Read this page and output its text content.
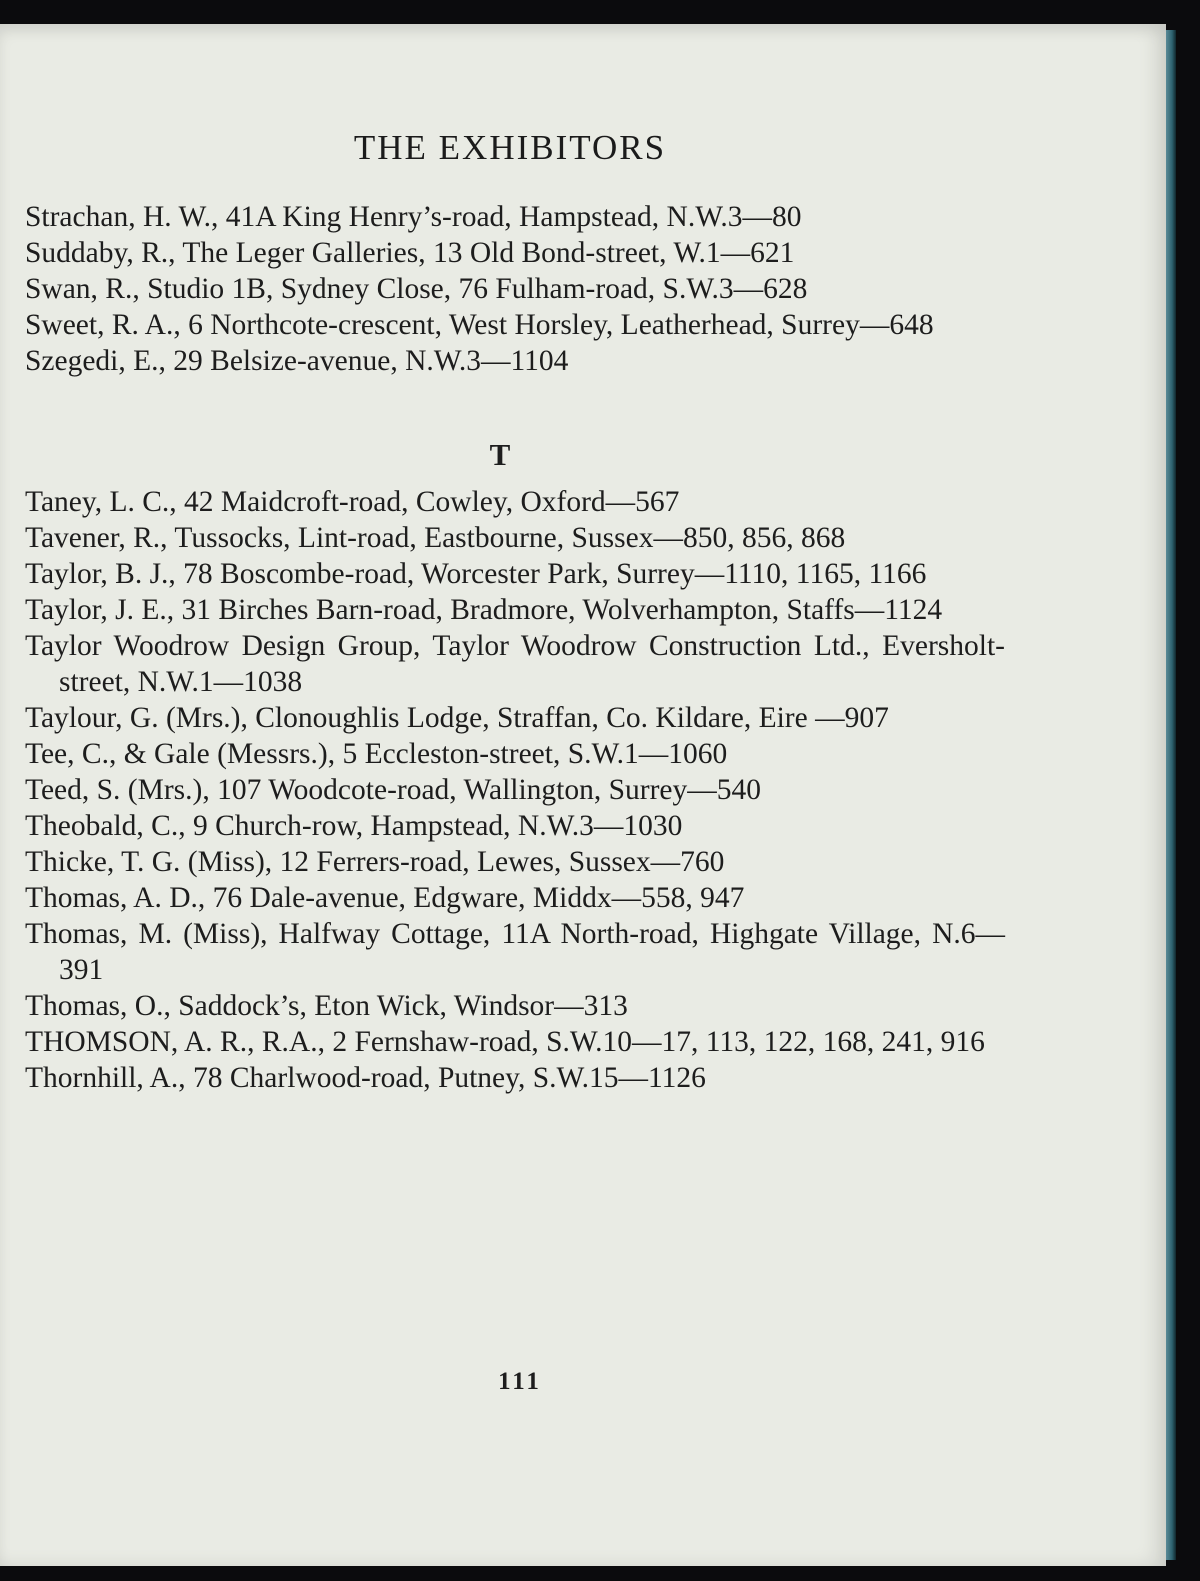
THE EXHIBITORS
Strachan, H. W., 41A King Henry’s-road, Hampstead, N.W.3—80
Suddaby, R., The Leger Galleries, 13 Old Bond-street, W.1—621
Swan, R., Studio 1B, Sydney Close, 76 Fulham-road, S.W.3—628
Sweet, R. A., 6 Northcote-crescent, West Horsley, Leatherhead, Surrey—648
Szegedi, E., 29 Belsize-avenue, N.W.3—1104
T
Taney, L. C., 42 Maidcroft-road, Cowley, Oxford—567
Tavener, R., Tussocks, Lint-road, Eastbourne, Sussex—850, 856, 868
Taylor, B. J., 78 Boscombe-road, Worcester Park, Surrey—1110, 1165, 1166
Taylor, J. E., 31 Birches Barn-road, Bradmore, Wolverhampton, Staffs—1124
Taylor Woodrow Design Group, Taylor Woodrow Construction Ltd., Eversholt-street, N.W.1—1038
Taylour, G. (Mrs.), Clonoughlis Lodge, Straffan, Co. Kildare, Eire —907
Tee, C., & Gale (Messrs.), 5 Eccleston-street, S.W.1—1060
Teed, S. (Mrs.), 107 Woodcote-road, Wallington, Surrey—540
Theobald, C., 9 Church-row, Hampstead, N.W.3—1030
Thicke, T. G. (Miss), 12 Ferrers-road, Lewes, Sussex—760
Thomas, A. D., 76 Dale-avenue, Edgware, Middx—558, 947
Thomas, M. (Miss), Halfway Cottage, 11A North-road, Highgate Village, N.6—391
Thomas, O., Saddock’s, Eton Wick, Windsor—313
THOMSON, A. R., R.A., 2 Fernshaw-road, S.W.10—17, 113, 122, 168, 241, 916
Thornhill, A., 78 Charlwood-road, Putney, S.W.15—1126
111
